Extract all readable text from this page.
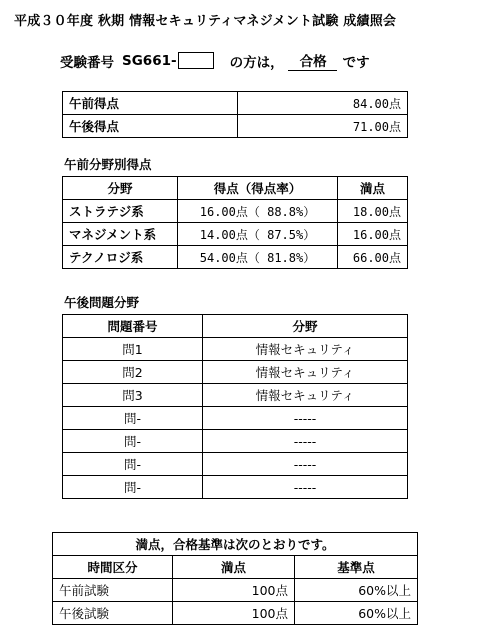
平成３０年度 秋期 情報セキュリティマネジメント試験 成績照会
受験番号 SG661-	の方は，	合格	です
午前得点	84.00点
午後得点	71.00点
午前分野別得点
分野	得点（得点率）	満点
ストラテジ系	16.00点（ 88.8%）	18.00点
マネジメント系	14.00点（ 87.5%）	16.00点
テクノロジ系	54.00点（ 81.8%）	66.00点
午後問題分野
問題番号	分野
問1	情報セキュリティ
問2	情報セキュリティ
問3	情報セキュリティ
問-	-----
問-	-----
問-	-----
問-	-----
満点，合格基準は次のとおりです。		
時間区分	満点	基準点
午前試験	100点	60%以上
午後試験	100点	60%以上
